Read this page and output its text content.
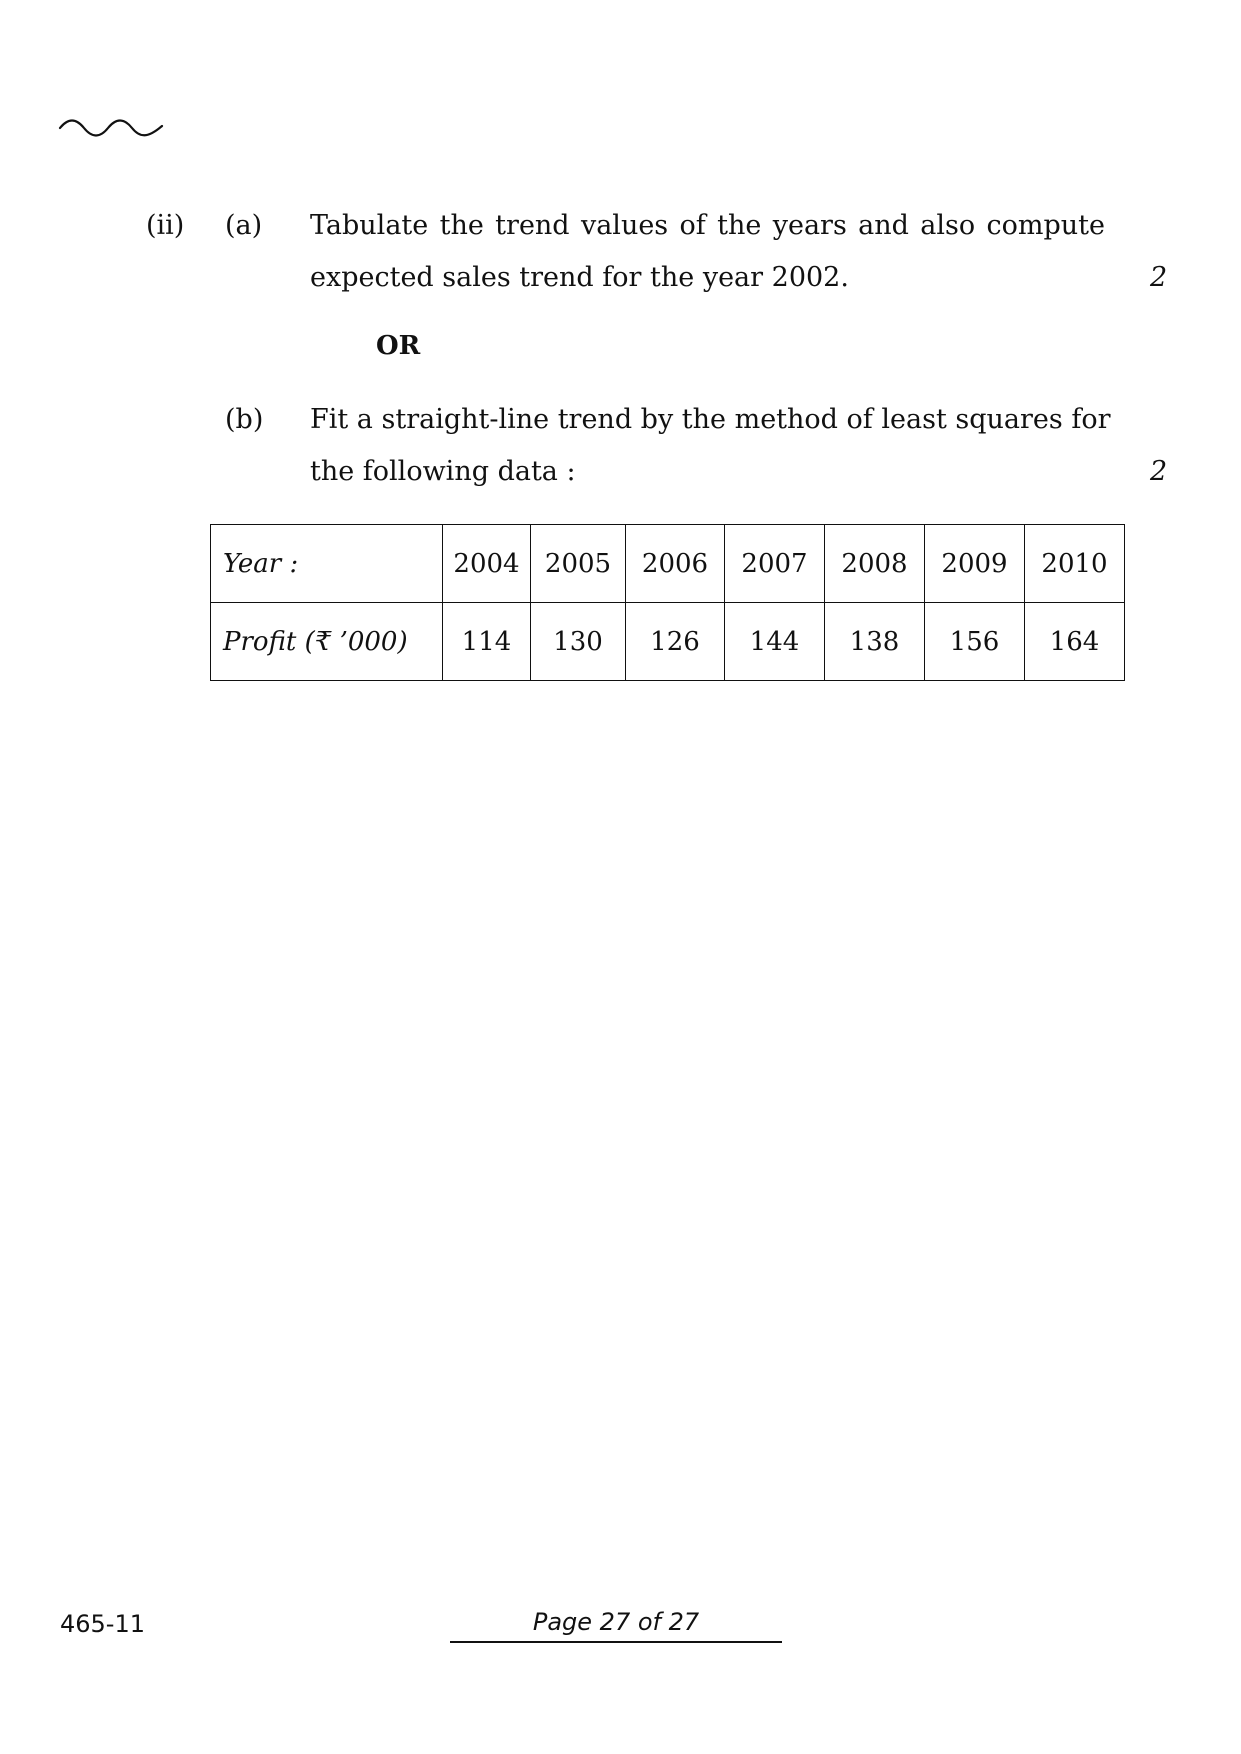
(ii) (a) Tabulate the trend values of the years and also compute
expected sales trend for the year 2002.	2
OR
(b) Fit a straight-line trend by the method of least squares for
the following data :	2
Year :	2004	2005	2006	2007	2008	2009	2010
Profit (₹ ’000)	114	130	126	144	138	156	164
465-11	Page 27 of 27
